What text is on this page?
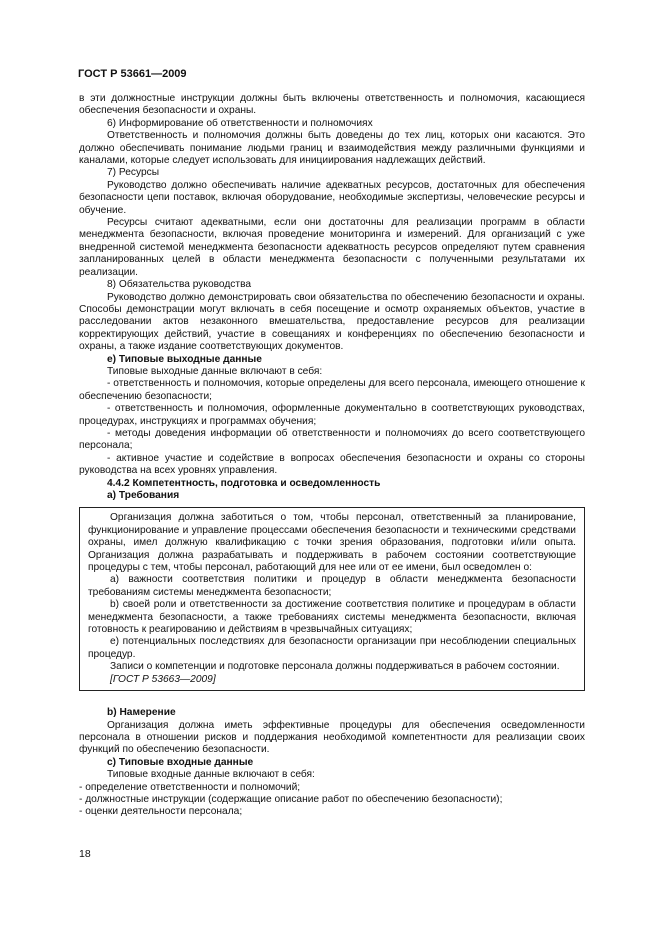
ГОСТ Р 53661—2009

в эти должностные инструкции должны быть включены ответственность и полномочия, касающиеся обеспечения безопасности и охраны.

6) Информирование об ответственности и полномочиях

Ответственность и полномочия должны быть доведены до тех лиц, которых они касаются. Это должно обеспечивать понимание людьми границ и взаимодействия между различными функциями и каналами, которые следует использовать для инициирования надлежащих действий.

7) Ресурсы

Руководство должно обеспечивать наличие адекватных ресурсов, достаточных для обеспечения безопасности цепи поставок, включая оборудование, необходимые экспертизы, человеческие ресурсы и обучение.

Ресурсы считают адекватными, если они достаточны для реализации программ в области менеджмента безопасности, включая проведение мониторинга и измерений. Для организаций с уже внедренной системой менеджмента безопасности адекватность ресурсов определяют путем сравнения запланированных целей в области менеджмента безопасности с полученными результатами их реализации.

8) Обязательства руководства

Руководство должно демонстрировать свои обязательства по обеспечению безопасности и охраны. Способы демонстрации могут включать в себя посещение и осмотр охраняемых объектов, участие в расследовании актов незаконного вмешательства, предоставление ресурсов для реализации корректирующих действий, участие в совещаниях и конференциях по обеспечению безопасности и охраны, а также издание соответствующих документов.

e) Типовые выходные данные

Типовые выходные данные включают в себя:

- ответственность и полномочия, которые определены для всего персонала, имеющего отношение к обеспечению безопасности;

- ответственность и полномочия, оформленные документально в соответствующих руководствах, процедурах, инструкциях и программах обучения;

- методы доведения информации об ответственности и полномочиях до всего соответствующего персонала;

- активное участие и содействие в вопросах обеспечения безопасности и охраны со стороны руководства на всех уровнях управления.

4.4.2 Компетентность, подготовка и осведомленность

a) Требования

Организация должна заботиться о том, чтобы персонал, ответственный за планирование, функционирование и управление процессами обеспечения безопасности и техническими средствами охраны, имел должную квалификацию с точки зрения образования, подготовки и/или опыта. Организация должна разрабатывать и поддерживать в рабочем состоянии соответствующие процедуры с тем, чтобы персонал, работающий для нее или от ее имени, был осведомлен о:

a) важности соответствия политики и процедур в области менеджмента безопасности требованиям системы менеджмента безопасности;

b) своей роли и ответственности за достижение соответствия политике и процедурам в области менеджмента безопасности, а также требованиях системы менеджмента безопасности, включая готовность к реагированию и действиям в чрезвычайных ситуациях;

e) потенциальных последствиях для безопасности организации при несоблюдении специальных процедур.

Записи о компетенции и подготовке персонала должны поддерживаться в рабочем состоянии.

[ГОСТ Р 53663—2009]

b) Намерение

Организация должна иметь эффективные процедуры для обеспечения осведомленности персонала в отношении рисков и поддержания необходимой компетентности для реализации своих функций по обеспечению безопасности.

c) Типовые входные данные

Типовые входные данные включают в себя:

- определение ответственности и полномочий;

- должностные инструкции (содержащие описание работ по обеспечению безопасности);

- оценки деятельности персонала;

18
